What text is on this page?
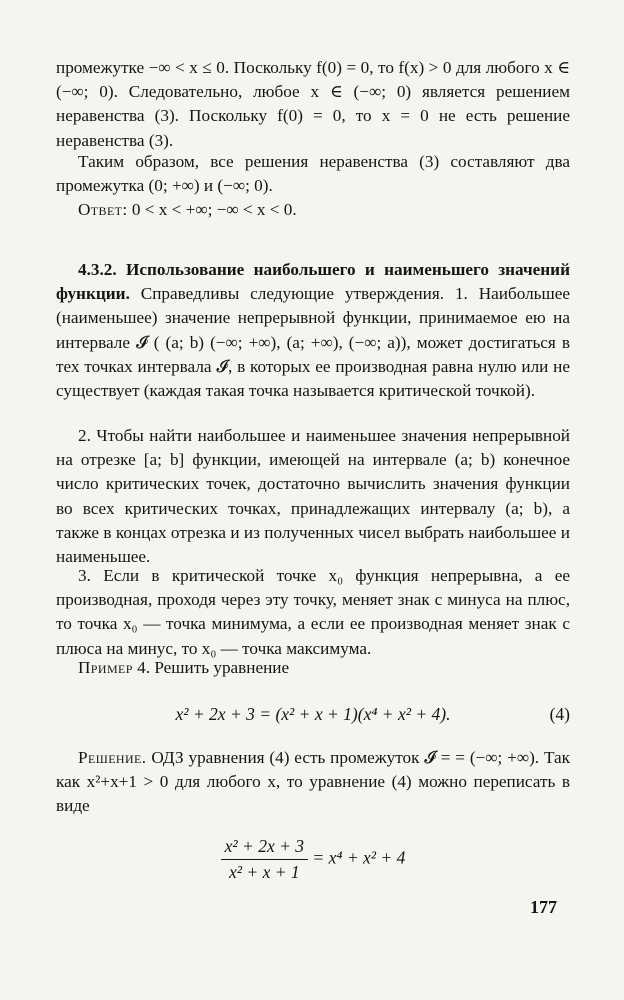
промежутке −∞ < x ≤ 0. Поскольку f(0) = 0, то f(x) > 0 для любого x ∈ (−∞; 0). Следовательно, любое x ∈ (−∞; 0) является решением неравенства (3). Поскольку f(0) = 0, то x = 0 не есть решение неравенства (3).
Таким образом, все решения неравенства (3) составляют два промежутка (0; +∞) и (−∞; 0).
Ответ: 0 < x < +∞; −∞ < x < 0.
4.3.2. Использование наибольшего и наименьшего значений функции. Справедливы следующие утверждения. 1. Наибольшее (наименьшее) значение непрерывной функции, принимаемое ею на интервале 𝓘 ( (a; b) (−∞; +∞), (a; +∞), (−∞; a)), может достигаться в тех точках интервала 𝓘, в которых ее производная равна нулю или не существует (каждая такая точка называется критической точкой).
2. Чтобы найти наибольшее и наименьшее значения непрерывной на отрезке [a; b] функции, имеющей на интервале (a; b) конечное число критических точек, достаточно вычислить значения функции во всех критических точках, принадлежащих интервалу (a; b), а также в концах отрезка и из полученных чисел выбрать наибольшее и наименьшее.
3. Если в критической точке x₀ функция непрерывна, а ее производная, проходя через эту точку, меняет знак с минуса на плюс, то точка x₀ — точка минимума, а если ее производная меняет знак с плюса на минус, то x₀ — точка максимума.
Пример 4. Решить уравнение
x² + 2x + 3 = (x² + x + 1)(x⁴ + x² + 4).	(4)
Решение. ОДЗ уравнения (4) есть промежуток 𝓘 = = (−∞; +∞). Так как x²+x+1 > 0 для любого x, то уравнение (4) можно переписать в виде
$\frac{\text{x² + 2x + 3}}{\text{x² + x + 1}} = x^4 + x^2 + 4$
177
